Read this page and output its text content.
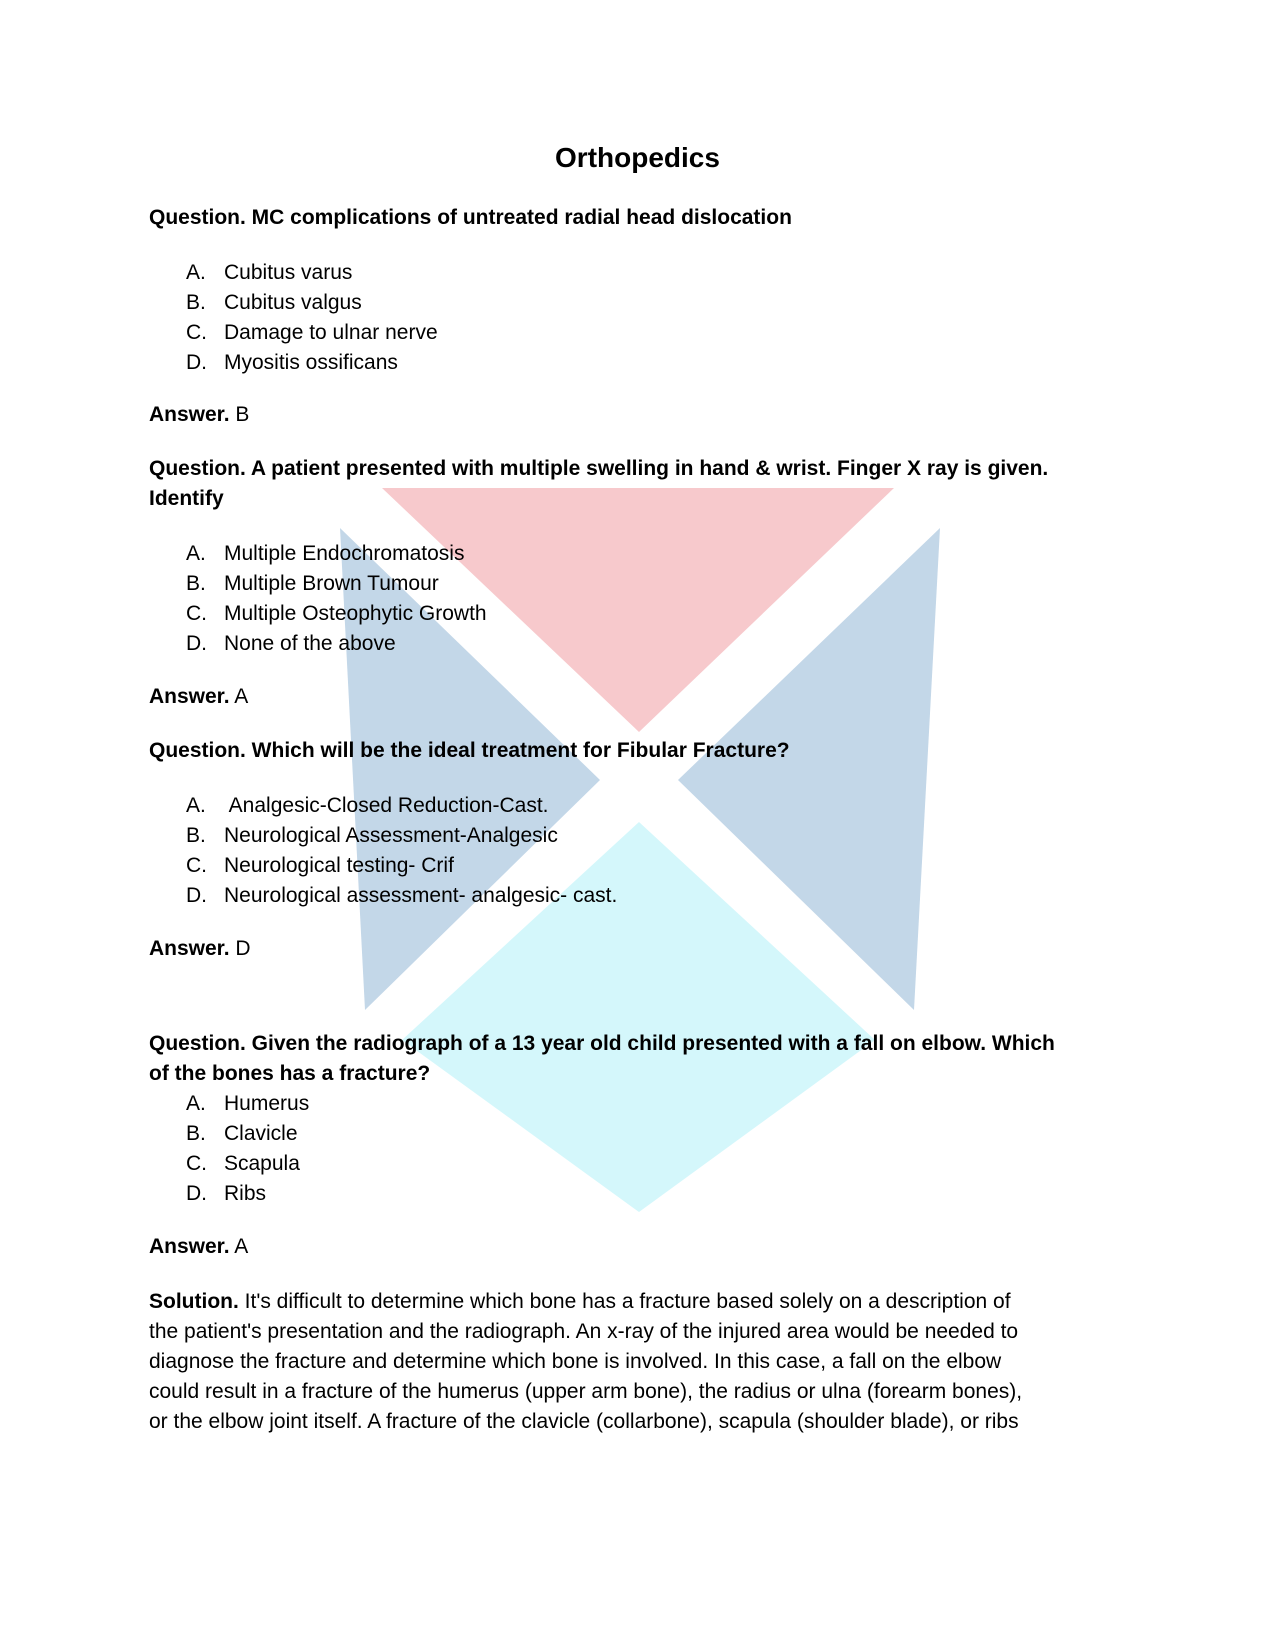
Orthopedics

Question. MC complications of untreated radial head dislocation

A. Cubitus varus
B. Cubitus valgus
C. Damage to ulnar nerve
D. Myositis ossificans

Answer. B

Question. A patient presented with multiple swelling in hand & wrist. Finger X ray is given. Identify

A. Multiple Endochromatosis
B. Multiple Brown Tumour
C. Multiple Osteophytic Growth
D. None of the above

Answer. A

Question. Which will be the ideal treatment for Fibular Fracture?

A. Analgesic-Closed Reduction-Cast.
B. Neurological Assessment-Analgesic
C. Neurological testing- Crif
D. Neurological assessment- analgesic- cast.

Answer. D

Question. Given the radiograph of a 13 year old child presented with a fall on elbow. Which of the bones has a fracture?

A. Humerus
B. Clavicle
C. Scapula
D. Ribs

Answer. A

Solution. It's difficult to determine which bone has a fracture based solely on a description of
the patient's presentation and the radiograph. An x-ray of the injured area would be needed to
diagnose the fracture and determine which bone is involved. In this case, a fall on the elbow
could result in a fracture of the humerus (upper arm bone), the radius or ulna (forearm bones),
or the elbow joint itself. A fracture of the clavicle (collarbone), scapula (shoulder blade), or ribs
